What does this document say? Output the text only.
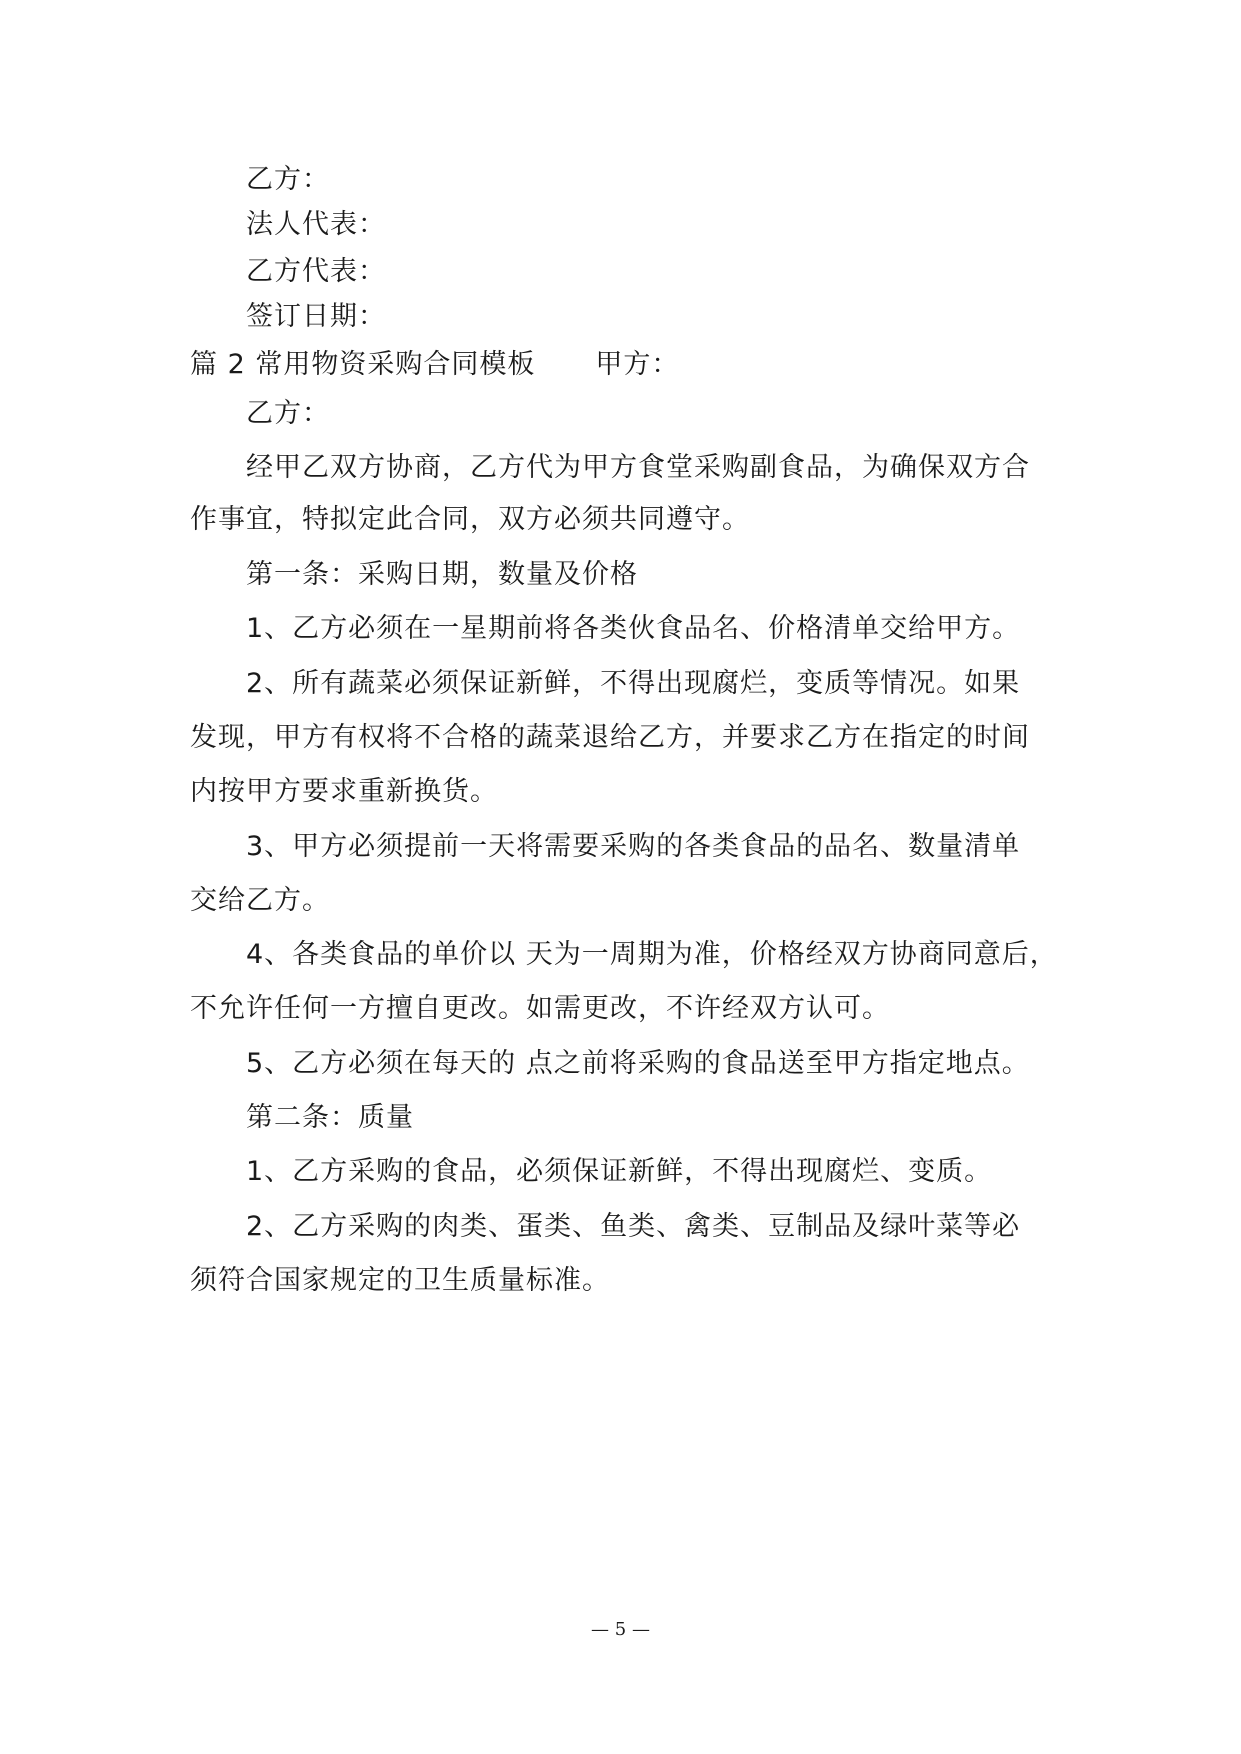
乙方：
法人代表：
乙方代表：
签订日期：
篇 2 常用物资采购合同模板 甲方：
乙方：
经甲乙双方协商，乙方代为甲方食堂采购副食品，为确保双方合
作事宜，特拟定此合同，双方必须共同遵守。
第一条：采购日期，数量及价格
1、乙方必须在一星期前将各类伙食品名、价格清单交给甲方。
2、所有蔬菜必须保证新鲜，不得出现腐烂，变质等情况。如果
发现，甲方有权将不合格的蔬菜退给乙方，并要求乙方在指定的时间
内按甲方要求重新换货。
3、甲方必须提前一天将需要采购的各类食品的品名、数量清单
交给乙方。
4、各类食品的单价以 天为一周期为准，价格经双方协商同意后，
不允许任何一方擅自更改。如需更改，不许经双方认可。
5、乙方必须在每天的 点之前将采购的食品送至甲方指定地点。
第二条：质量
1、乙方采购的食品，必须保证新鲜，不得出现腐烂、变质。
2、乙方采购的肉类、蛋类、鱼类、禽类、豆制品及绿叶菜等必
须符合国家规定的卫生质量标准。
— 5 —
